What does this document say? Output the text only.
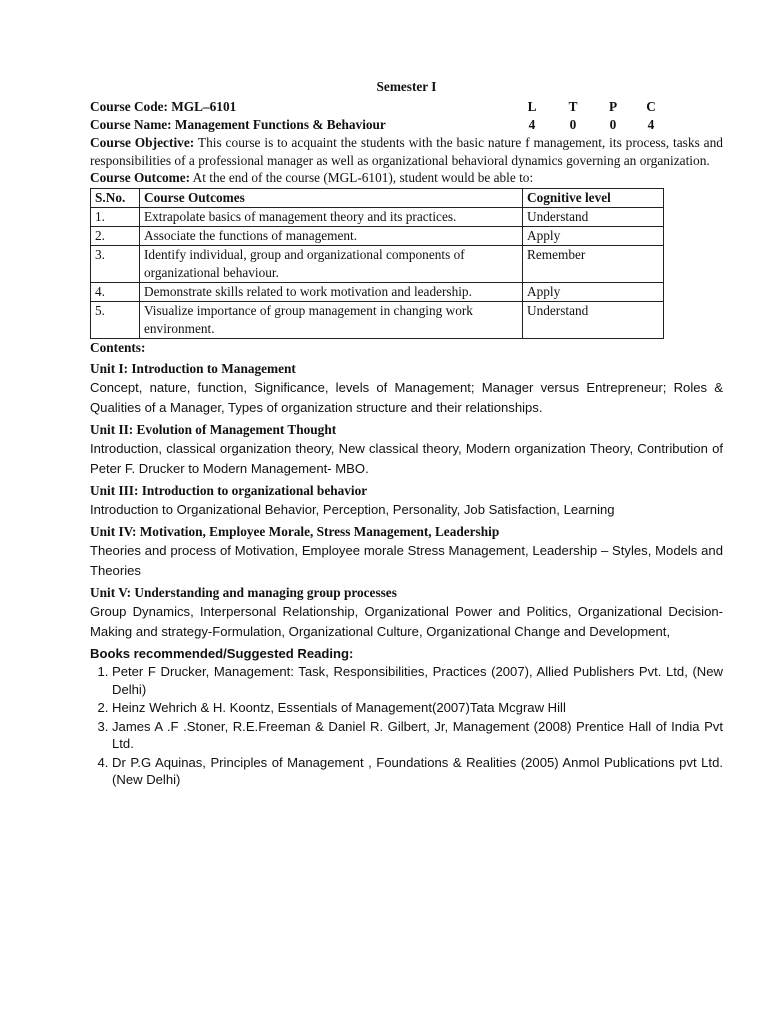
Semester I
Course Code: MGL–6101	L	T	P	C
Course Name: Management Functions & Behaviour	4	0	0	4
Course Objective: This course is to acquaint the students with the basic nature f management, its process, tasks and responsibilities of a professional manager as well as organizational behavioral dynamics governing an organization.
Course Outcome: At the end of the course (MGL-6101), student would be able to:
S.No.	Course Outcomes	Cognitive level
1.	Extrapolate basics of management theory and its practices.	Understand
2.	Associate the functions of management.	Apply
3.	Identify individual, group and organizational components of organizational behaviour.	Remember
4.	Demonstrate skills related to work motivation and leadership.	Apply
5.	Visualize importance of group management in changing work environment.	Understand
Contents:
Unit I: Introduction to Management
Concept, nature, function, Significance, levels of Management; Manager versus Entrepreneur; Roles & Qualities of a Manager, Types of organization structure and their relationships.
Unit II: Evolution of Management Thought
Introduction, classical organization theory, New classical theory, Modern organization Theory, Contribution of Peter F. Drucker to Modern Management- MBO.
Unit III: Introduction to organizational behavior
Introduction to Organizational Behavior, Perception, Personality, Job Satisfaction, Learning
Unit IV: Motivation, Employee Morale, Stress Management, Leadership
Theories and process of Motivation, Employee morale Stress Management, Leadership – Styles, Models and Theories
Unit V: Understanding and managing group processes
Group Dynamics, Interpersonal Relationship, Organizational Power and Politics, Organizational Decision-Making and strategy-Formulation, Organizational Culture, Organizational Change and Development,
Books recommended/Suggested Reading:
1. Peter F Drucker, Management: Task, Responsibilities, Practices (2007), Allied Publishers Pvt. Ltd, (New Delhi)
2. Heinz Wehrich & H. Koontz, Essentials of Management(2007)Tata Mcgraw Hill
3. James A .F .Stoner, R.E.Freeman & Daniel R. Gilbert, Jr, Management (2008) Prentice Hall of India Pvt Ltd.
4. Dr P.G Aquinas, Principles of Management , Foundations & Realities (2005) Anmol Publications pvt Ltd.(New Delhi)
